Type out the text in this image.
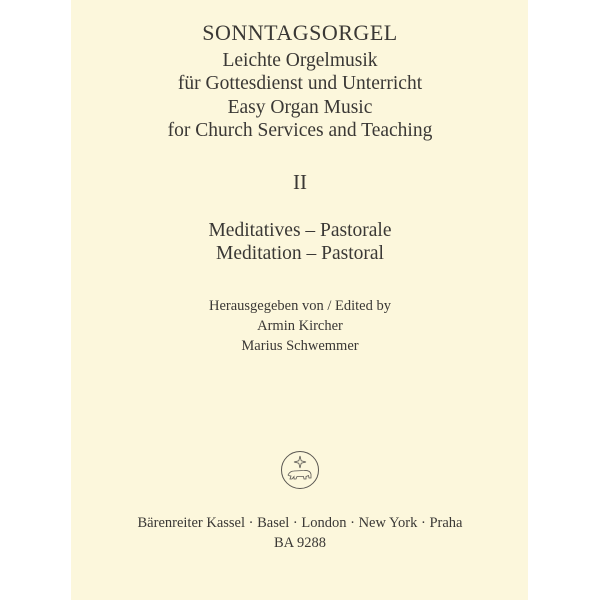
SONNTAGSORGEL
Leichte Orgelmusik
für Gottesdienst und Unterricht
Easy Organ Music
for Church Services and Teaching
II
Meditatives – Pastorale
Meditation – Pastoral
Herausgegeben von / Edited by
Armin Kircher
Marius Schwemmer
Bärenreiter Kassel · Basel · London · New York · Praha
BA 9288
